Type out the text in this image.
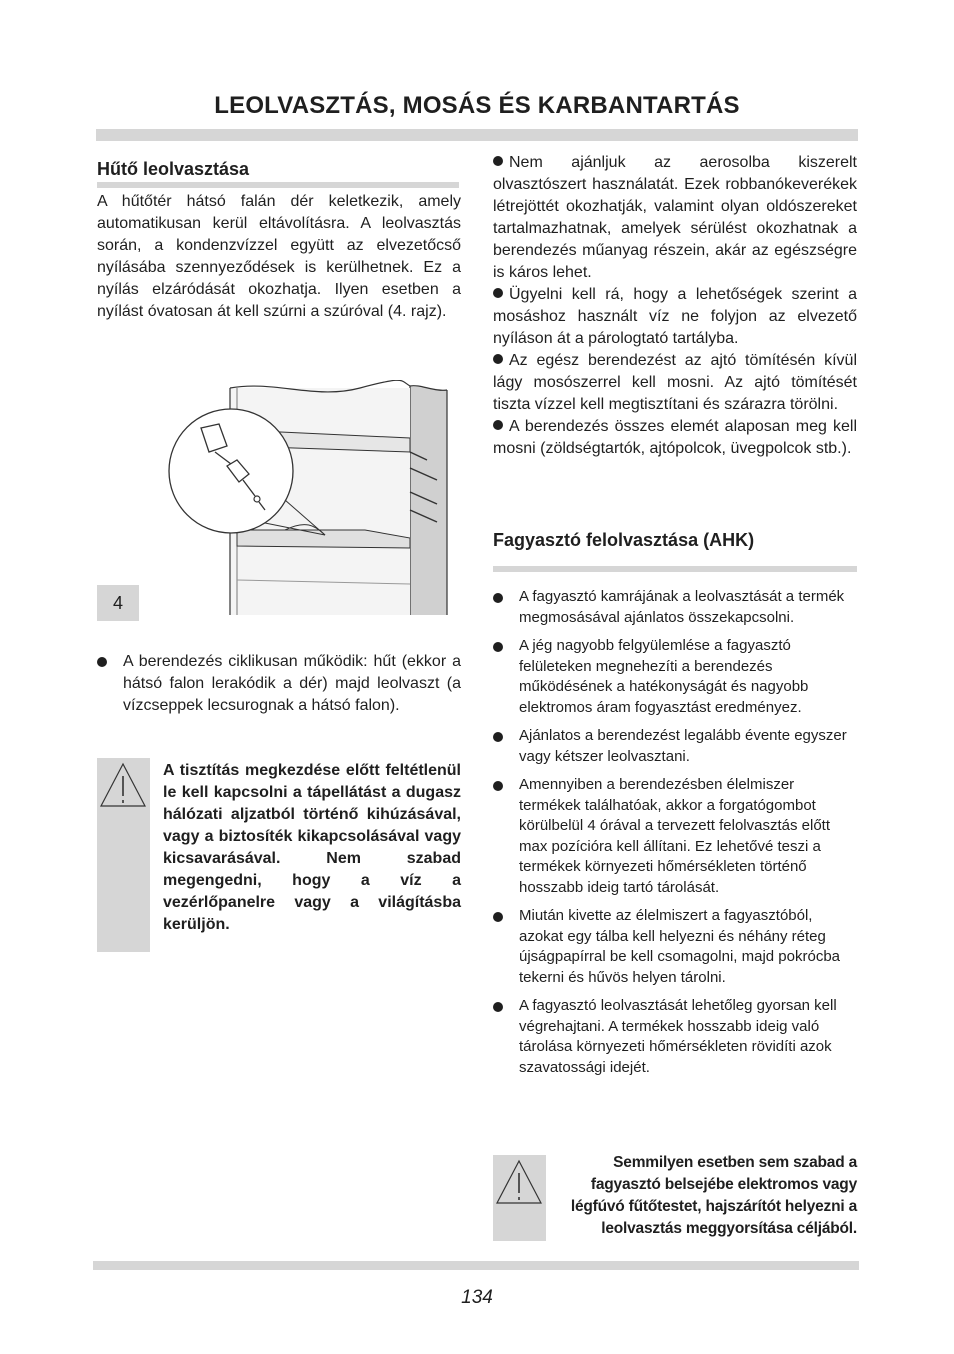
LEOLVASZTÁS, MOSÁS ÉS KARBANTARTÁS
Hűtő leolvasztása
A hűtőtér hátsó falán dér keletkezik, amely automatikusan kerül eltávolításra. A leolvasztás során, a kondenzvízzel együtt az elvezetőcső nyílásába szennyeződések is kerülhetnek. Ez a nyílás elzáródását okozhatja. Ilyen esetben a nyílást óvatosan át kell szúrni a szúróval (4. rajz).
4
A berendezés ciklikusan működik: hűt (ekkor a hátsó falon lerakódik a dér) majd leolvaszt (a vízcseppek lecsurognak a hátsó falon).
A tisztítás megkezdése előtt feltétlenül le kell kapcsolni a tápellátást a dugasz hálózati aljzatból történő kihúzásával, vagy a biztosíték kikapcsolásával vagy kicsavarásával. Nem szabad megengedni, hogy a víz a vezérlőpanelre vagy a világításba kerüljön.
Nem ajánljuk az aerosolba kiszerelt olvasztószert használatát. Ezek robbanókeverékek létrejöttét okozhatják, valamint olyan oldószereket tartalmazhatnak, amelyek sérülést okozhatnak a berendezés műanyag részein, akár az egészségre is káros lehet.
Ügyelni kell rá, hogy a lehetőségek szerint a mosáshoz használt víz ne folyjon az elvezető nyíláson át a párologtató tartályba.
Az egész berendezést az ajtó tömítésén kívül lágy mosószerrel kell mosni. Az ajtó tömítését tiszta vízzel kell megtisztítani és szárazra törölni.
A berendezés összes elemét alaposan meg kell mosni (zöldségtartók, ajtópolcok, üvegpolcok stb.).
Fagyasztó felolvasztása (AHK)
A fagyasztó kamrájának a leolvasztását a termék megmosásával ajánlatos összekapcsolni.
A jég nagyobb felgyülemlése a fagyasztó felületeken megnehezíti a berendezés működésének a hatékonyságát és nagyobb elektromos áram fogyasztást eredményez.
Ajánlatos a berendezést legalább évente egyszer vagy kétszer leolvasztani.
Amennyiben a berendezésben élelmiszer termékek találhatóak, akkor a forgatógombot körülbelül 4 órával a tervezett felolvasztás előtt max pozícióra kell állítani. Ez lehetővé teszi a termékek környezeti hőmérsékleten történő hosszabb ideig tartó tárolását.
Miután kivette az élelmiszert a fagyasztóból, azokat egy tálba kell helyezni és néhány réteg újságpapírral be kell csomagolni, majd pokrócba tekerni és hűvös helyen tárolni.
A fagyasztó leolvasztását lehetőleg gyorsan kell végrehajtani. A termékek hosszabb ideig való tárolása környezeti hőmérsékleten rövidíti azok szavatossági idejét.
Semmilyen esetben sem szabad a fagyasztó belsejébe elektromos vagy légfúvó fűtőtestet, hajszárítót helyezni a leolvasztás meggyorsítása céljából.
134
